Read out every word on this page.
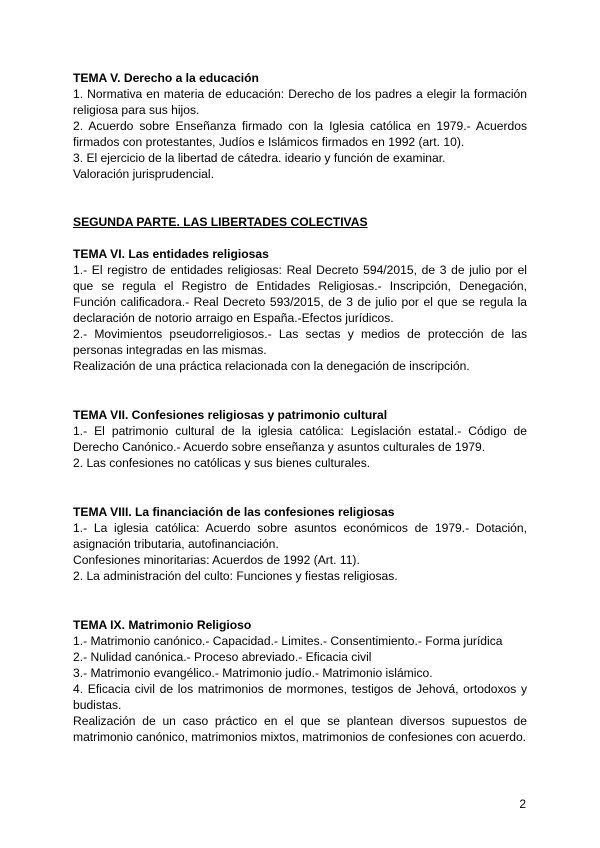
TEMA V. Derecho a la educación
1. Normativa en materia de educación: Derecho de los padres a elegir la formación religiosa para sus hijos.
2. Acuerdo sobre Enseñanza firmado con la Iglesia católica en 1979.- Acuerdos firmados con protestantes, Judíos e Islámicos firmados en 1992 (art. 10).
3. El ejercicio de la libertad de cátedra. ideario y función de examinar.
Valoración jurisprudencial.
SEGUNDA PARTE. LAS LIBERTADES COLECTIVAS
TEMA VI. Las entidades religiosas
1.- El registro de entidades religiosas: Real Decreto 594/2015, de 3 de julio por el que se regula el Registro de Entidades Religiosas.- Inscripción, Denegación, Función calificadora.- Real Decreto 593/2015, de 3 de julio por el que se regula la declaración de notorio arraigo en España.-Efectos jurídicos.
2.- Movimientos pseudorreligiosos.- Las sectas y medios de protección de las personas integradas en las mismas.
Realización de una práctica relacionada con la denegación de inscripción.
TEMA VII. Confesiones religiosas y patrimonio cultural
1.- El patrimonio cultural de la iglesia católica: Legislación estatal.- Código de Derecho Canónico.- Acuerdo sobre enseñanza y asuntos culturales de 1979.
2. Las confesiones no católicas y sus bienes culturales.
TEMA VIII. La financiación de las confesiones religiosas
1.- La iglesia católica: Acuerdo sobre asuntos económicos de 1979.- Dotación, asignación tributaria, autofinanciación.
Confesiones minoritarias: Acuerdos de 1992 (Art. 11).
2. La administración del culto: Funciones y fiestas religiosas.
TEMA IX. Matrimonio Religioso
1.- Matrimonio canónico.- Capacidad.- Limites.- Consentimiento.- Forma jurídica
2.- Nulidad canónica.- Proceso abreviado.- Eficacia civil
3.- Matrimonio evangélico.- Matrimonio judío.- Matrimonio islámico.
4. Eficacia civil de los matrimonios de mormones, testigos de Jehová, ortodoxos y budistas.
Realización de un caso práctico en el que se plantean diversos supuestos de matrimonio canónico, matrimonios mixtos, matrimonios de confesiones con acuerdo.
2
